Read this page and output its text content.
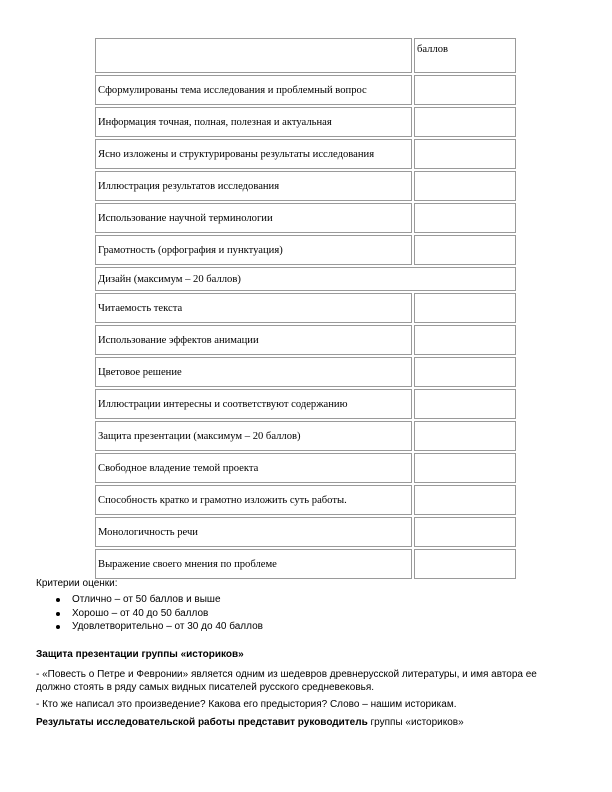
	баллов
Сформулированы тема исследования и проблемный вопрос	
Информация точная, полная, полезная и актуальная	
Ясно изложены и структурированы результаты исследования	
Иллюстрация результатов исследования	
Использование научной терминологии	
Грамотность (орфография и пунктуация)	
Дизайн (максимум – 20 баллов)	
Читаемость текста	
Использование эффектов анимации	
Цветовое решение	
Иллюстрации интересны и соответствуют содержанию	
Защита презентации (максимум – 20 баллов)	
Свободное владение темой проекта	
Способность кратко и грамотно изложить суть работы.	
Монологичность речи	
Выражение своего мнения по проблеме	
Критерии оценки:
Отлично – от 50 баллов и выше
Хорошо – от 40 до 50 баллов
Удовлетворительно – от 30 до 40 баллов
Защита презентации группы «историков»
- «Повесть о Петре и Февронии» является одним из шедевров древнерусской литературы, и имя автора ее
должно стоять в ряду самых видных писателей русского средневековья.
- Кто же написал это произведение? Какова его предыстория? Слово – нашим историкам.
Результаты исследовательской работы представит руководитель группы «историков»
